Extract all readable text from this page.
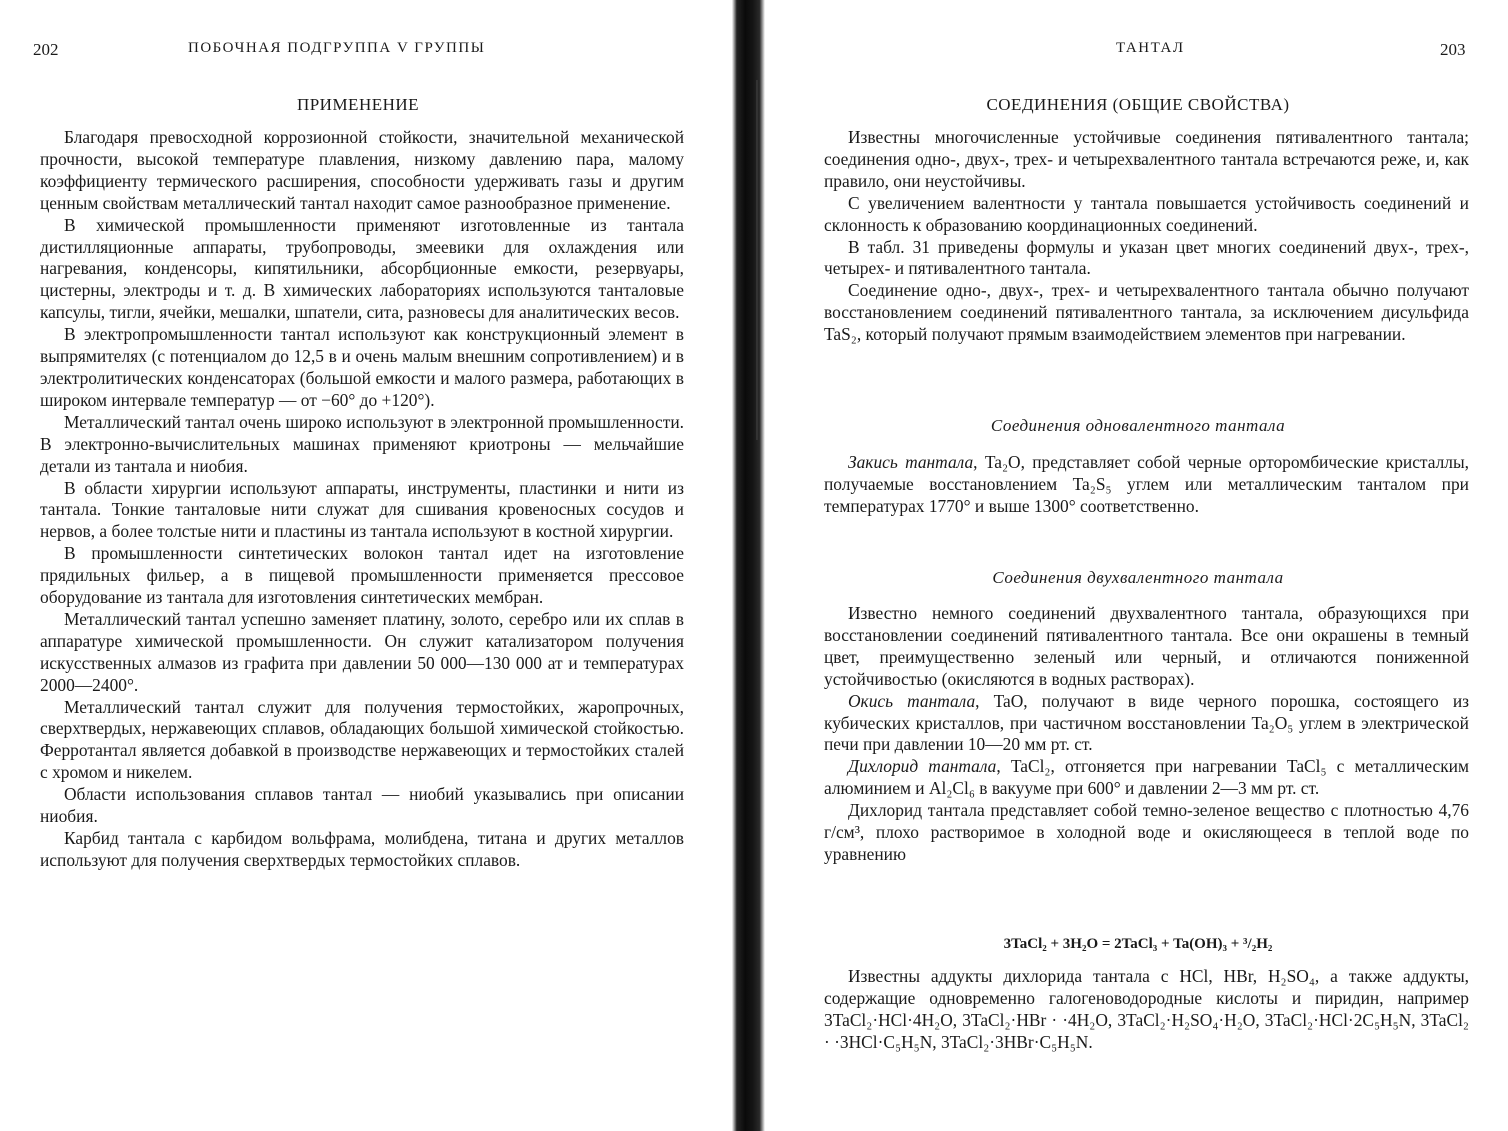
202	ПОБОЧНАЯ ПОДГРУППА V ГРУППЫ
ПРИМЕНЕНИЕ

Благодаря превосходной коррозионной стойкости, значительной механической прочности, высокой температуре плавления, низкому давлению пара, малому коэффициенту термического расширения, способности удерживать газы и другим ценным свойствам металлический тантал находит самое разнообразное применение.

В химической промышленности применяют изготовленные из тантала дистилляционные аппараты, трубопроводы, змеевики для охлаждения или нагревания, конденсоры, кипятильники, абсорбционные емкости, резервуары, цистерны, электроды и т. д. В химических лабораториях используются танталовые капсулы, тигли, ячейки, мешалки, шпатели, сита, разновесы для аналитических весов.

В электропромышленности тантал используют как конструкционный элемент в выпрямителях (с потенциалом до 12,5 в и очень малым внешним сопротивлением) и в электролитических конденсаторах (большой емкости и малого размера, работающих в широком интервале температур — от −60° до +120°).

Металлический тантал очень широко используют в электронной промышленности. В электронно-вычислительных машинах применяют криотроны — мельчайшие детали из тантала и ниобия.

В области хирургии используют аппараты, инструменты, пластинки и нити из тантала. Тонкие танталовые нити служат для сшивания кровеносных сосудов и нервов, а более толстые нити и пластины из тантала используют в костной хирургии.

В промышленности синтетических волокон тантал идет на изготовление прядильных фильер, а в пищевой промышленности применяется прессовое оборудование из тантала для изготовления синтетических мембран.

Металлический тантал успешно заменяет платину, золото, серебро или их сплав в аппаратуре химической промышленности. Он служит катализатором получения искусственных алмазов из графита при давлении 50 000—130 000 ат и температурах 2000—2400°.

Металлический тантал служит для получения термостойких, жаропрочных, сверхтвердых, нержавеющих сплавов, обладающих большой химической стойкостью. Ферротантал является добавкой в производстве нержавеющих и термостойких сталей с хромом и никелем.

Области использования сплавов тантал — ниобий указывались при описании ниобия.

Карбид тантала с карбидом вольфрама, молибдена, титана и других металлов используют для получения сверхтвердых термостойких сплавов.

ТАНТАЛ	203
СОЕДИНЕНИЯ (ОБЩИЕ СВОЙСТВА)

Известны многочисленные устойчивые соединения пятивалентного тантала; соединения одно-, двух-, трех- и четырехвалентного тантала встречаются реже, и, как правило, они неустойчивы.

С увеличением валентности у тантала повышается устойчивость соединений и склонность к образованию координационных соединений.

В табл. 31 приведены формулы и указан цвет многих соединений двух-, трех-, четырех- и пятивалентного тантала.

Соединение одно-, двух-, трех- и четырехвалентного тантала обычно получают восстановлением соединений пятивалентного тантала, за исключением дисульфида TaS₂, который получают прямым взаимодействием элементов при нагревании.

Соединения одновалентного тантала

Закись тантала, Ta₂O, представляет собой черные орторомбические кристаллы, получаемые восстановлением Ta₂S₅ углем или металлическим танталом при температурах 1770° и выше 1300° соответственно.

Соединения двухвалентного тантала

Известно немного соединений двухвалентного тантала, образующихся при восстановлении соединений пятивалентного тантала. Все они окрашены в темный цвет, преимущественно зеленый или черный, и отличаются пониженной устойчивостью (окисляются в водных растворах).

Окись тантала, TaO, получают в виде черного порошка, состоящего из кубических кристаллов, при частичном восстановлении Ta₂O₅ углем в электрической печи при давлении 10—20 мм рт. ст.

Дихлорид тантала, TaCl₂, отгоняется при нагревании TaCl₅ с металлическим алюминием и Al₂Cl₆ в вакууме при 600° и давлении 2—3 мм рт. ст.

Дихлорид тантала представляет собой темно-зеленое вещество с плотностью 4,76 г/см³, плохо растворимое в холодной воде и окисляющееся в теплой воде по уравнению

3TaCl₂ + 3H₂O = 2TaCl₃ + Ta(OH)₃ + ³/₂H₂

Известны аддукты дихлорида тантала с HCl, HBr, H₂SO₄, а также аддукты, содержащие одновременно галогеноводородные кислоты и пиридин, например 3TaCl₂·HCl·4H₂O, 3TaCl₂·HBr · ·4H₂O, 3TaCl₂·H₂SO₄·H₂O, 3TaCl₂·HCl·2C₅H₅N, 3TaCl₂ · ·3HCl·C₅H₅N, 3TaCl₂·3HBr·C₅H₅N.
